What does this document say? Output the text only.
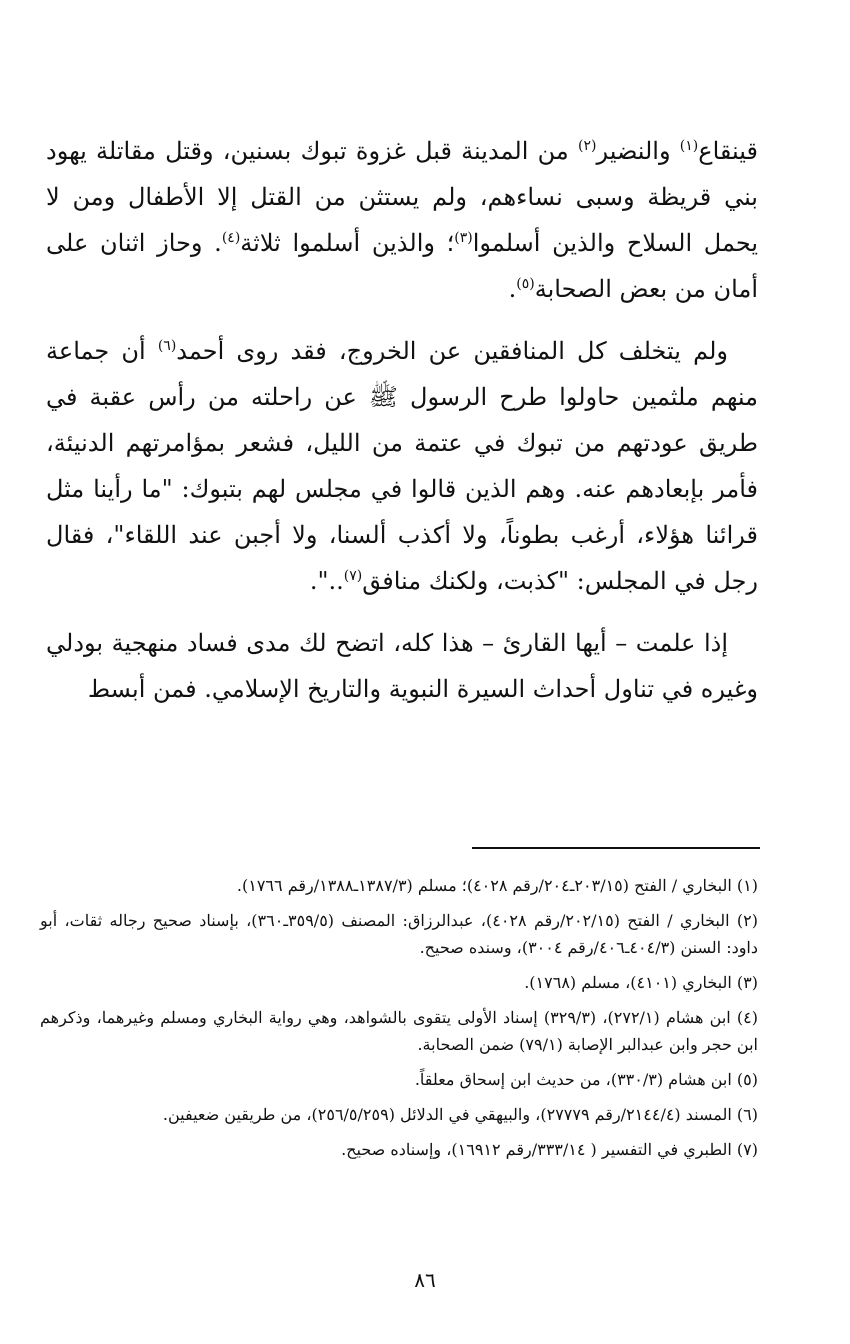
قينقاع$^{(١)}$ والنضير$^{(٢)}$ من المدينة قبل غزوة تبوك بسنين، وقتل مقاتلة يهود بني قريظة وسبى نساءهم، ولم يستثن من القتل إلا الأطفال ومن لا يحمل السلاح والذين أسلموا$^{(٣)}$؛ والذين أسلموا ثلاثة$^{(٤)}$. وحاز اثنان على أمان من بعض الصحابة$^{(٥)}$.

ولم يتخلف كل المنافقين عن الخروج، فقد روى أحمد$^{(٦)}$ أن جماعة منهم ملثمين حاولوا طرح الرسول ﷺ عن راحلته من رأس عقبة في طريق عودتهم من تبوك في عتمة من الليل، فشعر بمؤامرتهم الدنيئة، فأمر بإبعادهم عنه. وهم الذين قالوا في مجلس لهم بتبوك: "ما رأينا مثل قرائنا هؤلاء، أرغب بطوناً، ولا أكذب ألسنا، ولا أجبن عند اللقاء"، فقال رجل في المجلس: "كذبت، ولكنك منافق$^{(٧)}$..".

إذا علمت – أيها القارئ – هذا كله، اتضح لك مدى فساد منهجية بودلي وغيره في تناول أحداث السيرة النبوية والتاريخ الإسلامي. فمن أبسط

(١) البخاري / الفتح (٢٠٣/١٥ـ٢٠٤/رقم ٤٠٢٨)؛ مسلم (١٣٨٧/٣ـ١٣٨٨/رقم ١٧٦٦).
(٢) البخاري / الفتح (٢٠٢/١٥/رقم ٤٠٢٨)، عبدالرزاق: المصنف (٣٥٩/٥ـ٣٦٠)، بإسناد صحيح رجاله ثقات، أبو داود: السنن (٤٠٤/٣ـ٤٠٦/رقم ٣٠٠٤)، وسنده صحيح.
(٣) البخاري (٤١٠١)، مسلم (١٧٦٨).
(٤) ابن هشام (٢٧٢/١)، (٣٢٩/٣) إسناد الأولى يتقوى بالشواهد، وهي رواية البخاري ومسلم وغيرهما، وذكرهم ابن حجر وابن عبدالبر الإصابة (٧٩/١) ضمن الصحابة.
(٥) ابن هشام (٣٣٠/٣)، من حديث ابن إسحاق معلقاً.
(٦) المسند (٢١٤٤/٤/رقم ٢٧٧٧٩)، والبيهقي في الدلائل (٢٥٦/٥/٢٥٩)، من طريقين ضعيفين.
(٧) الطبري في التفسير ( ٣٣٣/١٤/رقم ١٦٩١٢)، وإسناده صحيح.
٨٦
